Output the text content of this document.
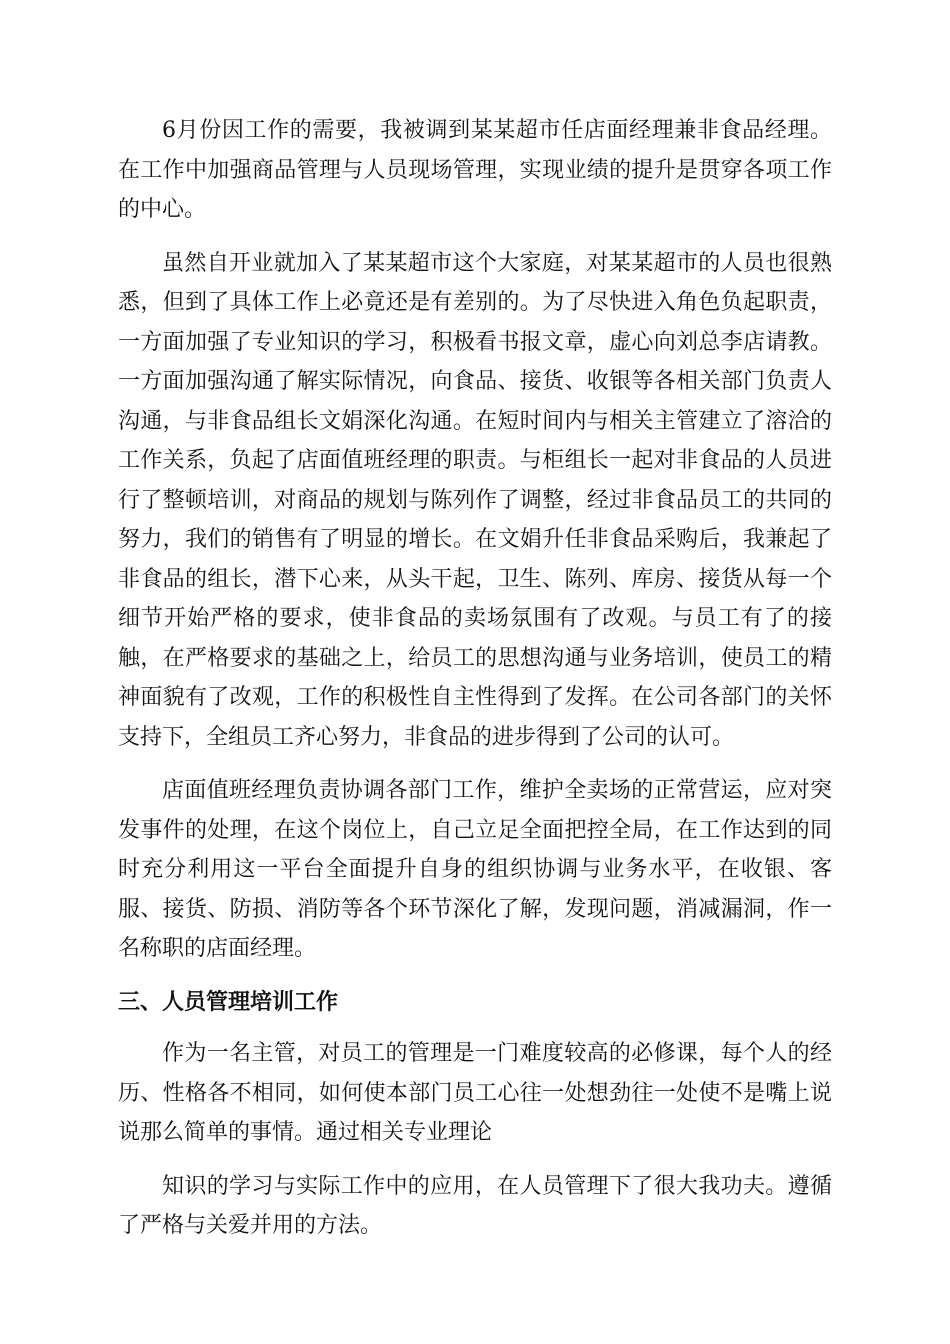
6月份因工作的需要，我被调到某某超市任店面经理兼非食品经理。在工作中加强商品管理与人员现场管理，实现业绩的提升是贯穿各项工作的中心。

虽然自开业就加入了某某超市这个大家庭，对某某超市的人员也很熟悉，但到了具体工作上必竟还是有差别的。为了尽快进入角色负起职责，一方面加强了专业知识的学习，积极看书报文章，虚心向刘总李店请教。一方面加强沟通了解实际情况，向食品、接货、收银等各相关部门负责人沟通，与非食品组长文娟深化沟通。在短时间内与相关主管建立了溶洽的工作关系，负起了店面值班经理的职责。与柜组长一起对非食品的人员进行了整顿培训，对商品的规划与陈列作了调整，经过非食品员工的共同的努力，我们的销售有了明显的增长。在文娟升任非食品采购后，我兼起了非食品的组长，潜下心来，从头干起，卫生、陈列、库房、接货从每一个细节开始严格的要求，使非食品的卖场氛围有了改观。与员工有了的接触，在严格要求的基础之上，给员工的思想沟通与业务培训，使员工的精神面貌有了改观，工作的积极性自主性得到了发挥。在公司各部门的关怀支持下，全组员工齐心努力，非食品的进步得到了公司的认可。

店面值班经理负责协调各部门工作，维护全卖场的正常营运，应对突发事件的处理，在这个岗位上，自己立足全面把控全局，在工作达到的同时充分利用这一平台全面提升自身的组织协调与业务水平，在收银、客服、接货、防损、消防等各个环节深化了解，发现问题，消减漏洞，作一名称职的店面经理。

三、人员管理培训工作

作为一名主管，对员工的管理是一门难度较高的必修课，每个人的经历、性格各不相同，如何使本部门员工心往一处想劲往一处使不是嘴上说说那么简单的事情。通过相关专业理论

知识的学习与实际工作中的应用，在人员管理下了很大我功夫。遵循了严格与关爱并用的方法。
